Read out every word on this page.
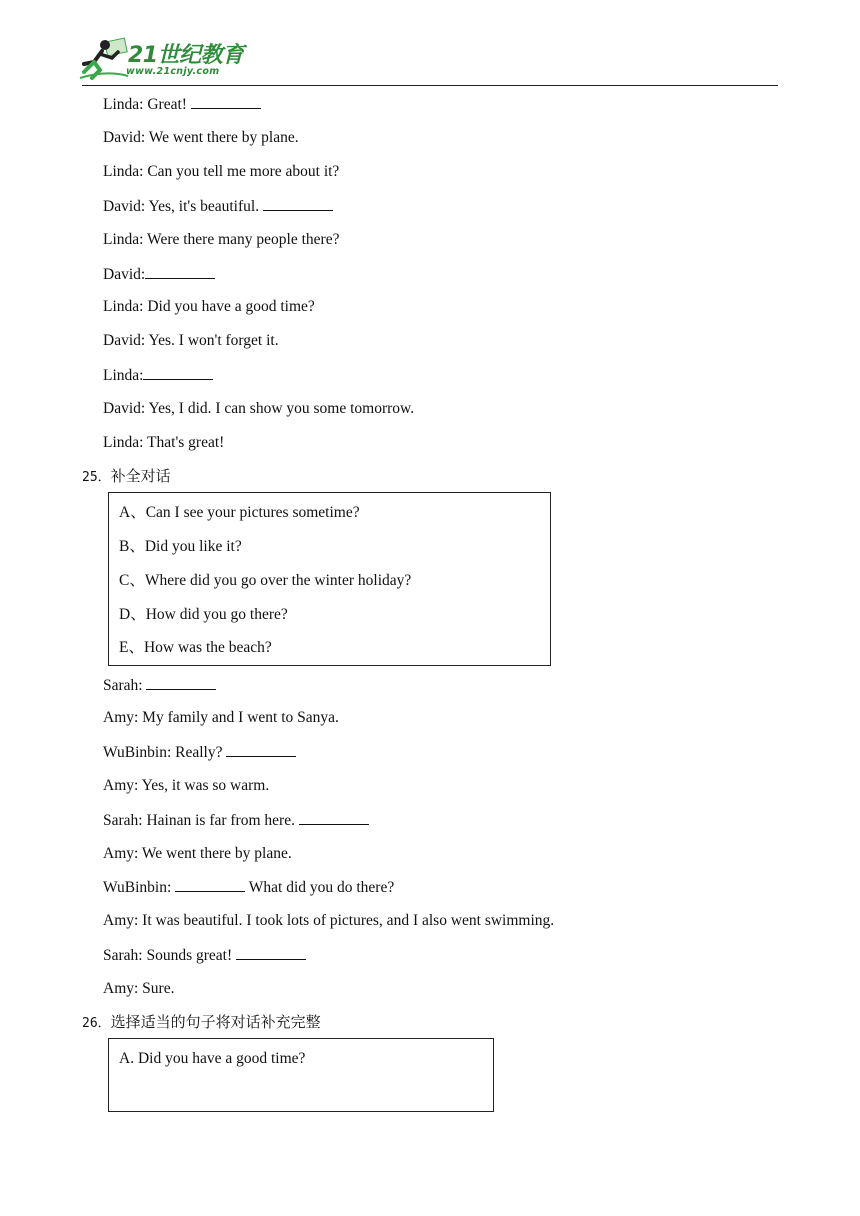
21世纪教育
www.21cnjy.com
Linda: Great!
David: We went there by plane.
Linda: Can you tell me more about it?
David: Yes, it's beautiful.
Linda: Were there many people there?
David:
Linda: Did you have a good time?
David: Yes. I won't forget it.
Linda:
David: Yes, I did. I can show you some tomorrow.
Linda: That's great!
25．补全对话
A、Can I see your pictures sometime?
B、Did you like it?
C、Where did you go over the winter holiday?
D、How did you go there?
E、How was the beach?
Sarah:
Amy: My family and I went to Sanya.
WuBinbin: Really?
Amy: Yes, it was so warm.
Sarah: Hainan is far from here.
Amy: We went there by plane.
WuBinbin:	What did you do there?
Amy: It was beautiful. I took lots of pictures, and I also went swimming.
Sarah: Sounds great!
Amy: Sure.
26．选择适当的句子将对话补充完整
A. Did you have a good time?
